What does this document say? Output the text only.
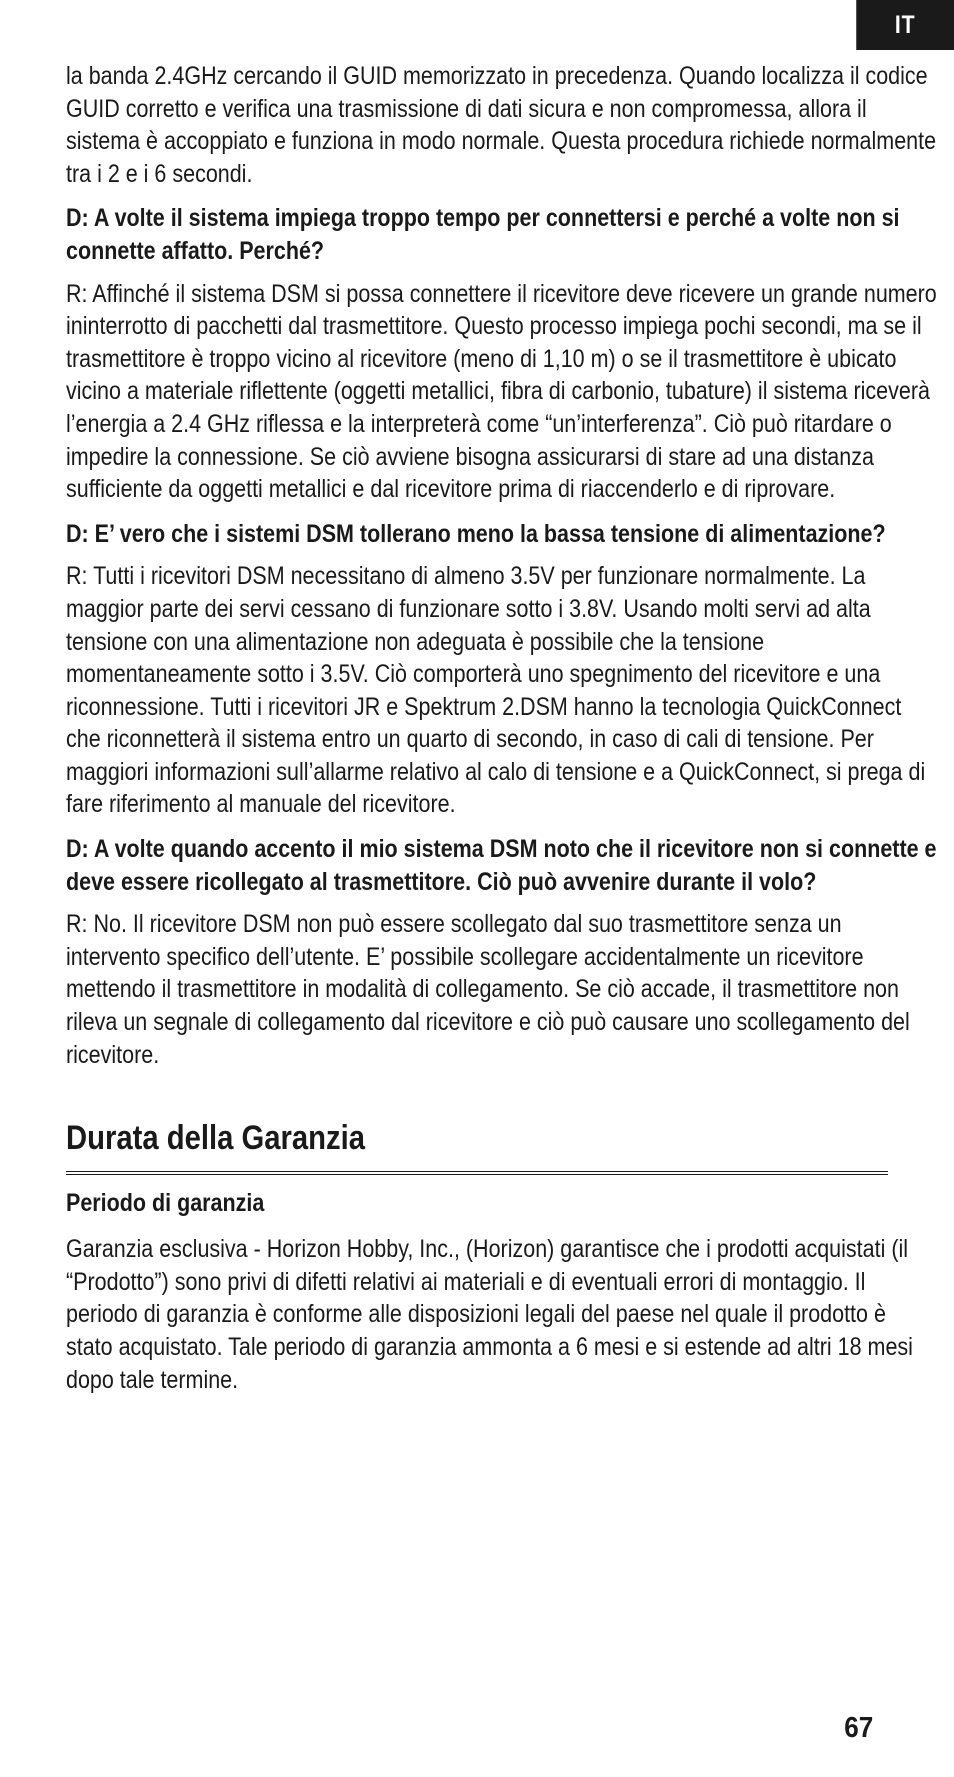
IT

la banda 2.4GHz cercando il GUID memorizzato in precedenza. Quando localizza il codice GUID corretto e verifica una trasmissione di dati sicura e non compromessa, allora il sistema è accoppiato e funziona in modo normale. Questa procedura richiede normalmente tra i 2 e i 6 secondi.

D: A volte il sistema impiega troppo tempo per connettersi e perché a volte non si connette affatto. Perché?

R: Affinché il sistema DSM si possa connettere il ricevitore deve ricevere un grande numero ininterrotto di pacchetti dal trasmettitore. Questo processo impiega pochi secondi, ma se il trasmettitore è troppo vicino al ricevitore (meno di 1,10 m) o se il trasmettitore è ubicato vicino a materiale riflettente (oggetti metallici, fibra di carbonio, tubature) il sistema riceverà l’energia a 2.4 GHz riflessa e la interpreterà come “un’interferenza”. Ciò può ritardare o impedire la connessione. Se ciò avviene bisogna assicurarsi di stare ad una distanza sufficiente da oggetti metallici e dal ricevitore prima di riaccenderlo e di riprovare.

D: E’ vero che i sistemi DSM tollerano meno la bassa tensione di alimentazione?

R: Tutti i ricevitori DSM necessitano di almeno 3.5V per funzionare normalmente. La maggior parte dei servi cessano di funzionare sotto i 3.8V. Usando molti servi ad alta tensione con una alimentazione non adeguata è possibile che la tensione momentaneamente sotto i 3.5V. Ciò comporterà uno spegnimento del ricevitore e una riconnessione. Tutti i ricevitori JR e Spektrum 2.DSM hanno la tecnologia QuickConnect che riconnetterà il sistema entro un quarto di secondo, in caso di cali di tensione. Per maggiori informazioni sull’allarme relativo al calo di tensione e a QuickConnect, si prega di fare riferimento al manuale del ricevitore.

D: A volte quando accento il mio sistema DSM noto che il ricevitore non si connette e deve essere ricollegato al trasmettitore. Ciò può avvenire durante il volo?

R: No. Il ricevitore DSM non può essere scollegato dal suo trasmettitore senza un intervento specifico dell’utente. E’ possibile scollegare accidentalmente un ricevitore mettendo il trasmettitore in modalità di collegamento. Se ciò accade, il trasmettitore non rileva un segnale di collegamento dal ricevitore e ciò può causare uno scollegamento del ricevitore.

Durata della Garanzia
Periodo di garanzia

Garanzia esclusiva - Horizon Hobby, Inc., (Horizon) garantisce che i prodotti acquistati (il “Prodotto”) sono privi di difetti relativi ai materiali e di eventuali errori di montaggio. Il periodo di garanzia è conforme alle disposizioni legali del paese nel quale il prodotto è stato acquistato. Tale periodo di garanzia ammonta a 6 mesi e si estende ad altri 18 mesi dopo tale termine.

67
